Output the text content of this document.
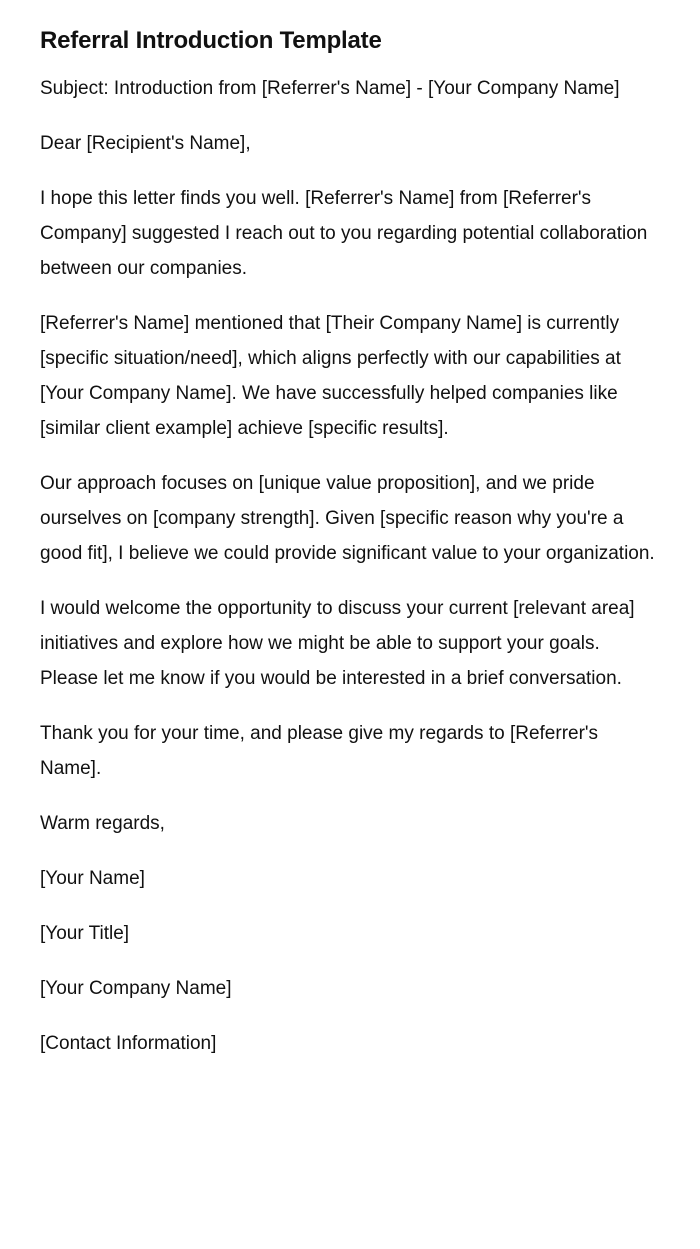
Referral Introduction Template

Subject: Introduction from [Referrer's Name] - [Your Company Name]

Dear [Recipient's Name],

I hope this letter finds you well. [Referrer's Name] from [Referrer's Company] suggested I reach out to you regarding potential collaboration between our companies.

[Referrer's Name] mentioned that [Their Company Name] is currently [specific situation/need], which aligns perfectly with our capabilities at [Your Company Name]. We have successfully helped companies like [similar client example] achieve [specific results].

Our approach focuses on [unique value proposition], and we pride ourselves on [company strength]. Given [specific reason why you're a good fit], I believe we could provide significant value to your organization.

I would welcome the opportunity to discuss your current [relevant area] initiatives and explore how we might be able to support your goals. Please let me know if you would be interested in a brief conversation.

Thank you for your time, and please give my regards to [Referrer's Name].

Warm regards,

[Your Name]

[Your Title]

[Your Company Name]

[Contact Information]
